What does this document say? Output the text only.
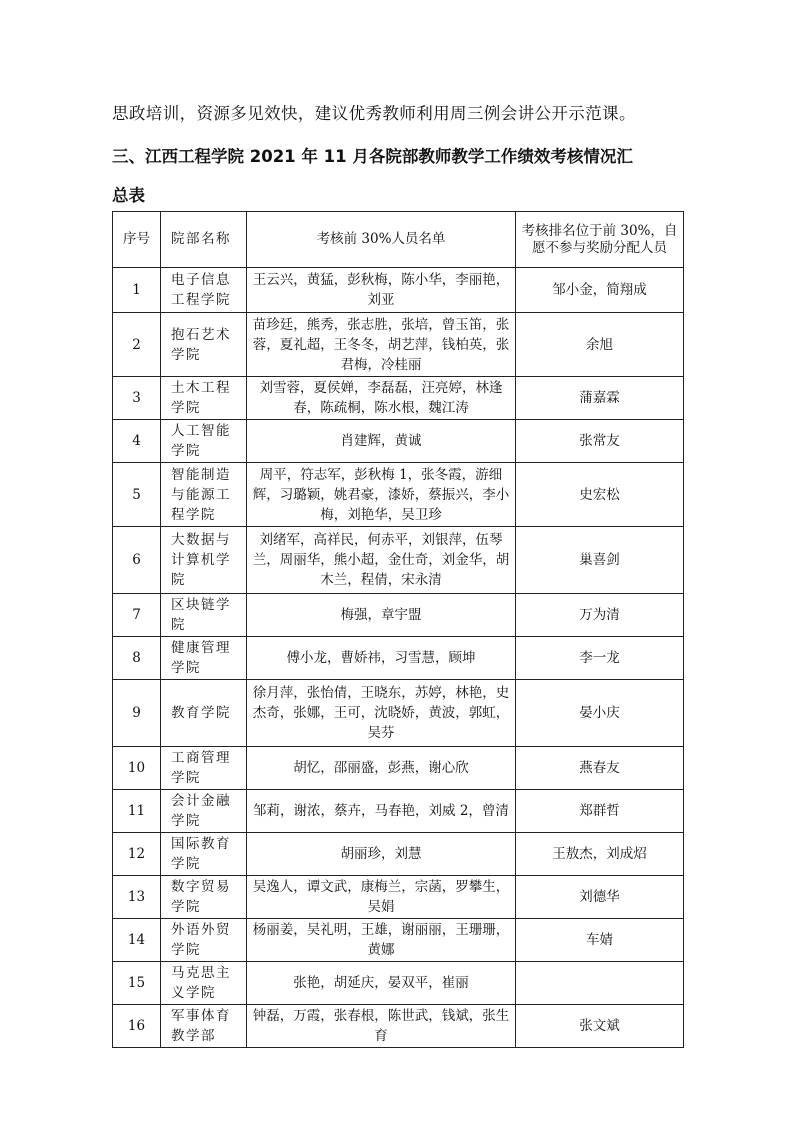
思政培训，资源多见效快，建议优秀教师利用周三例会讲公开示范课。
三、江西工程学院 2021 年 11 月各院部教师教学工作绩效考核情况汇
总表
序号	院部名称	考核前 30%人员名单	考核排名位于前 30%，自愿不参与奖励分配人员
1	电子信息工程学院	王云兴，黄猛，彭秋梅，陈小华，李丽艳，刘亚	邹小金，简翔成
2	抱石艺术学院	苗珍廷，熊秀，张志胜，张培，曾玉笛，张蓉，夏礼超，王冬冬，胡艺萍，钱柏英，张君梅，冷桂丽	余旭
3	土木工程学院	刘雪蓉，夏侯婵，李磊磊，汪亮婷，林逢春，陈疏桐，陈水根，魏江涛	蒲嘉霖
4	人工智能学院	肖建辉，黄诚	张常友
5	智能制造与能源工程学院	周平，符志军，彭秋梅 1，张冬霞，游细辉，习璐颖，姚君豪，漆娇，蔡振兴，李小梅，刘艳华，吴卫珍	史宏松
6	大数据与计算机学院	刘绪军，高祥民，何赤平，刘银萍，伍琴兰，周丽华，熊小超，金仕奇，刘金华，胡木兰，程倩，宋永清	巢喜剑
7	区块链学院	梅强，章宇盟	万为清
8	健康管理学院	傅小龙，曹娇祎，习雪慧，顾坤	李一龙
9	教育学院	徐月萍，张怡倩，王晓东，苏婷，林艳，史杰奇，张娜，王可，沈晓娇，黄波，郭虹，吴芬	晏小庆
10	工商管理学院	胡忆，邵丽盛，彭燕，谢心欣	燕春友
11	会计金融学院	邹莉，谢浓，蔡卉，马春艳，刘威 2，曾清	郑群哲
12	国际教育学院	胡丽珍，刘慧	王敖杰，刘成炤
13	数字贸易学院	吴逸人，谭文武，康梅兰，宗菡，罗攀生，吴娟	刘德华
14	外语外贸学院	杨丽姜，吴礼明，王雄，谢丽丽，王珊珊，黄娜	车婧
15	马克思主义学院	张艳，胡延庆，晏双平，崔丽	
16	军事体育教学部	钟磊，万霞，张春根，陈世武，钱斌，张生育	张文斌
